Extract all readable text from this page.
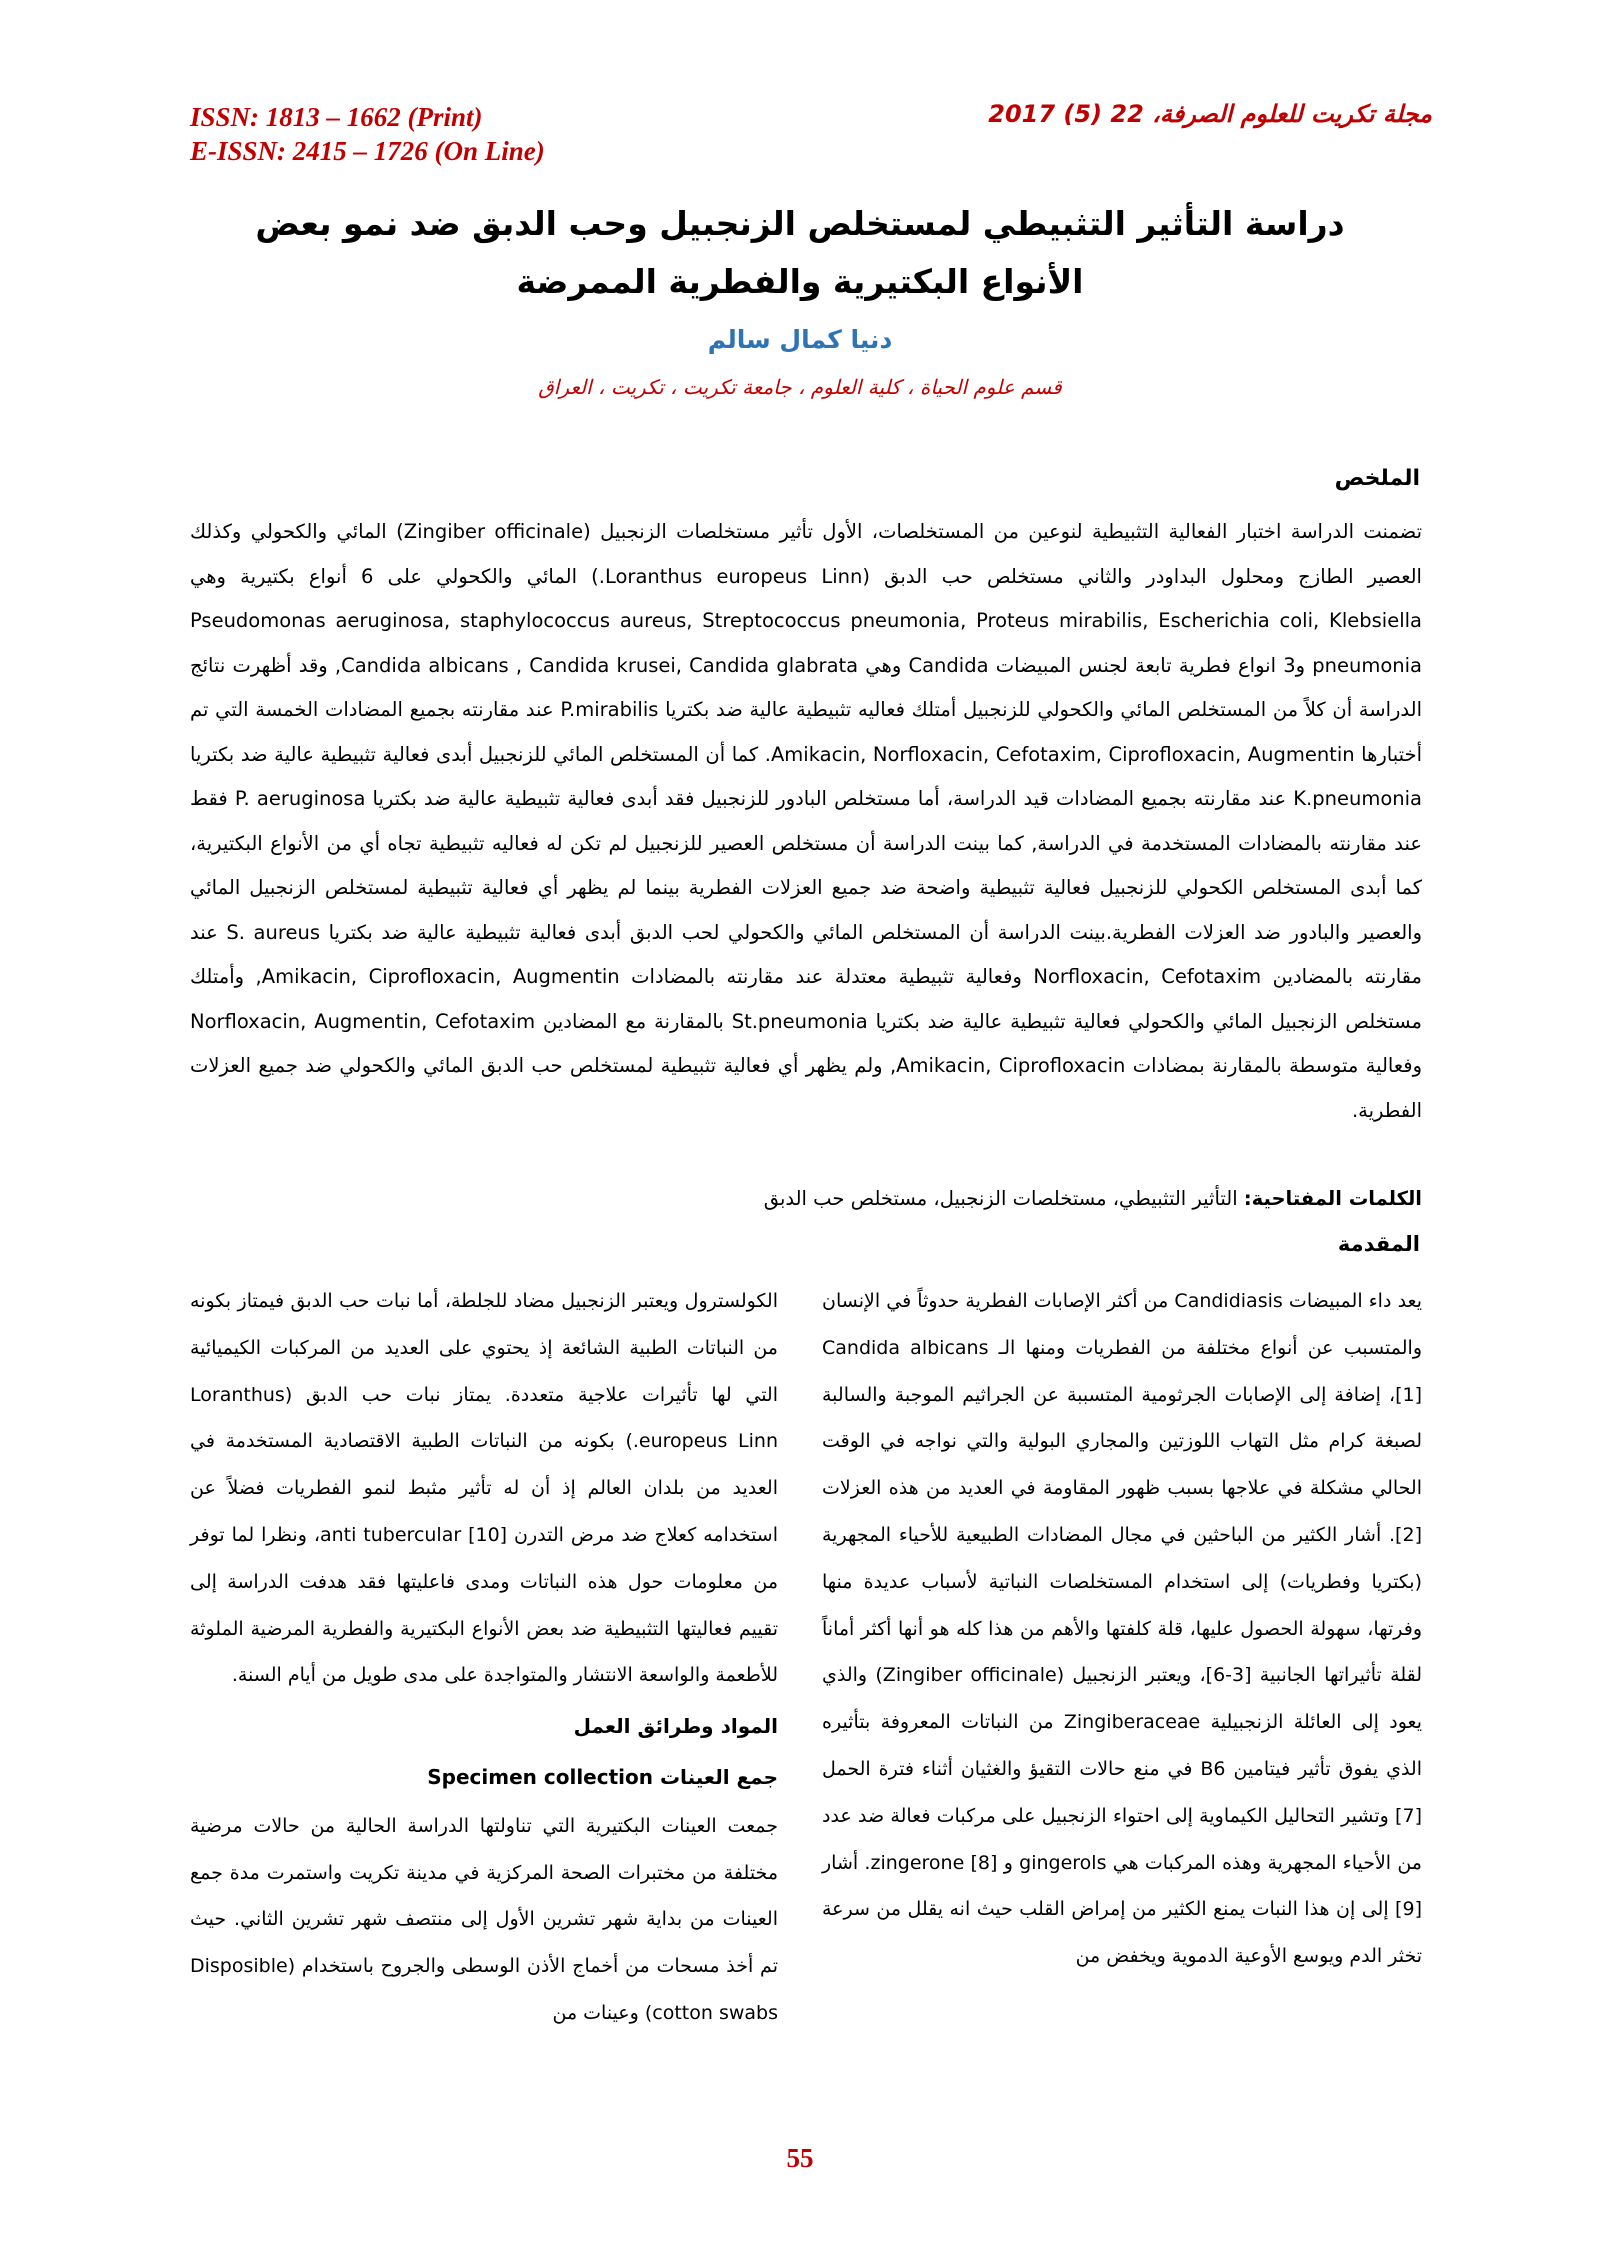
ISSN: 1813 – 1662 (Print)
E-ISSN: 2415 – 1726 (On Line)
مجلة تكريت للعلوم الصرفة، 22 (5) 2017
دراسة التأثير التثبيطي لمستخلص الزنجبيل وحب الدبق ضد نمو بعض الأنواع البكتيرية والفطرية الممرضة
دنيا كمال سالم
قسم علوم الحياة ، كلية العلوم ، جامعة تكريت ، تكريت ، العراق
الملخص
تضمنت الدراسة اختبار الفعالية التثبيطية لنوعين من المستخلصات، الأول تأثير مستخلصات الزنجبيل (Zingiber officinale) المائي والكحولي وكذلك العصير الطازج ومحلول البداودر والثاني مستخلص حب الدبق (Loranthus europeus Linn.) المائي والكحولي على 6 أنواع بكتيرية وهي Pseudomonas aeruginosa, staphylococcus aureus, Streptococcus pneumonia, Proteus mirabilis, Escherichia coli, Klebsiella pneumonia و3 انواع فطرية تابعة لجنس المبيضات Candida وهي Candida albicans , Candida krusei, Candida glabrata, وقد أظهرت نتائج الدراسة أن كلاً من المستخلص المائي والكحولي للزنجبيل أمتلك فعاليه تثبيطية عالية ضد بكتريا P.mirabilis عند مقارنته بجميع المضادات الخمسة التي تم أختبارها Amikacin, Norfloxacin, Cefotaxim, Ciprofloxacin, Augmentin. كما أن المستخلص المائي للزنجبيل أبدى فعالية تثبيطية عالية ضد بكتريا K.pneumonia عند مقارنته بجميع المضادات قيد الدراسة، أما مستخلص البادور للزنجبيل فقد أبدى فعالية تثبيطية عالية ضد بكتريا P. aeruginosa فقط عند مقارنته بالمضادات المستخدمة في الدراسة, كما بينت الدراسة أن مستخلص العصير للزنجبيل لم تكن له فعاليه تثبيطية تجاه أي من الأنواع البكتيرية، كما أبدى المستخلص الكحولي للزنجبيل فعالية تثبيطية واضحة ضد جميع العزلات الفطرية بينما لم يظهر أي فعالية تثبيطية لمستخلص الزنجبيل المائي والعصير والبادور ضد العزلات الفطرية.بينت الدراسة أن المستخلص المائي والكحولي لحب الدبق أبدى فعالية تثبيطية عالية ضد بكتريا S. aureus عند مقارنته بالمضادين Norfloxacin, Cefotaxim وفعالية تثبيطية معتدلة عند مقارنته بالمضادات Amikacin, Ciprofloxacin, Augmentin, وأمتلك مستخلص الزنجبيل المائي والكحولي فعالية تثبيطية عالية ضد بكتريا St.pneumonia بالمقارنة مع المضادين Norfloxacin, Augmentin, Cefotaxim وفعالية متوسطة بالمقارنة بمضادات Amikacin, Ciprofloxacin, ولم يظهر أي فعالية تثبيطية لمستخلص حب الدبق المائي والكحولي ضد جميع العزلات الفطرية.
الكلمات المفتاحية: التأثير التثبيطي، مستخلصات الزنجبيل، مستخلص حب الدبق
المقدمة

يعد داء المبيضات Candidiasis من أكثر الإصابات الفطرية حدوثاً في الإنسان والمتسبب عن أنواع مختلفة من الفطريات ومنها الـ Candida albicans [1]، إضافة إلى الإصابات الجرثومية المتسببة عن الجراثيم الموجبة والسالبة لصبغة كرام مثل التهاب اللوزتين والمجاري البولية والتي نواجه في الوقت الحالي مشكلة في علاجها بسبب ظهور المقاومة في العديد من هذه العزلات [2]. أشار الكثير من الباحثين في مجال المضادات الطبيعية للأحياء المجهرية (بكتريا وفطريات) إلى استخدام المستخلصات النباتية لأسباب عديدة منها وفرتها، سهولة الحصول عليها، قلة كلفتها والأهم من هذا كله هو أنها أكثر أماناً لقلة تأثيراتها الجانبية [3-6]، ويعتبر الزنجبيل (Zingiber officinale) والذي يعود إلى العائلة الزنجبيلية Zingiberaceae من النباتات المعروفة بتأثيره الذي يفوق تأثير فيتامين B6 في منع حالات التقيؤ والغثيان أثناء فترة الحمل [7] وتشير التحاليل الكيماوية إلى احتواء الزنجبيل على مركبات فعالة ضد عدد من الأحياء المجهرية وهذه المركبات هي gingerols و zingerone [8]. أشار [9] إلى إن هذا النبات يمنع الكثير من إمراض القلب حيث انه يقلل من سرعة تخثر الدم ويوسع الأوعية الدموية ويخفض من

الكولسترول ويعتبر الزنجبيل مضاد للجلطة، أما نبات حب الدبق فيمتاز بكونه من النباتات الطبية الشائعة إذ يحتوي على العديد من المركبات الكيميائية التي لها تأثيرات علاجية متعددة. يمتاز نبات حب الدبق (Loranthus europeus Linn.) بكونه من النباتات الطبية الاقتصادية المستخدمة في العديد من بلدان العالم إذ أن له تأثير مثبط لنمو الفطريات فضلاً عن استخدامه كعلاج ضد مرض التدرن anti tubercular [10]، ونظرا لما توفر من معلومات حول هذه النباتات ومدى فاعليتها فقد هدفت الدراسة إلى تقييم فعاليتها التثبيطية ضد بعض الأنواع البكتيرية والفطرية المرضية الملوثة للأطعمة والواسعة الانتشار والمتواجدة على مدى طويل من أيام السنة.

المواد وطرائق العمل
جمع العينات Specimen collection

جمعت العينات البكتيرية التي تناولتها الدراسة الحالية من حالات مرضية مختلفة من مختبرات الصحة المركزية في مدينة تكريت واستمرت مدة جمع العينات من بداية شهر تشرين الأول إلى منتصف شهر تشرين الثاني. حيث تم أخذ مسحات من أخماج الأذن الوسطى والجروح باستخدام (Disposible cotton swabs) وعينات من

55
